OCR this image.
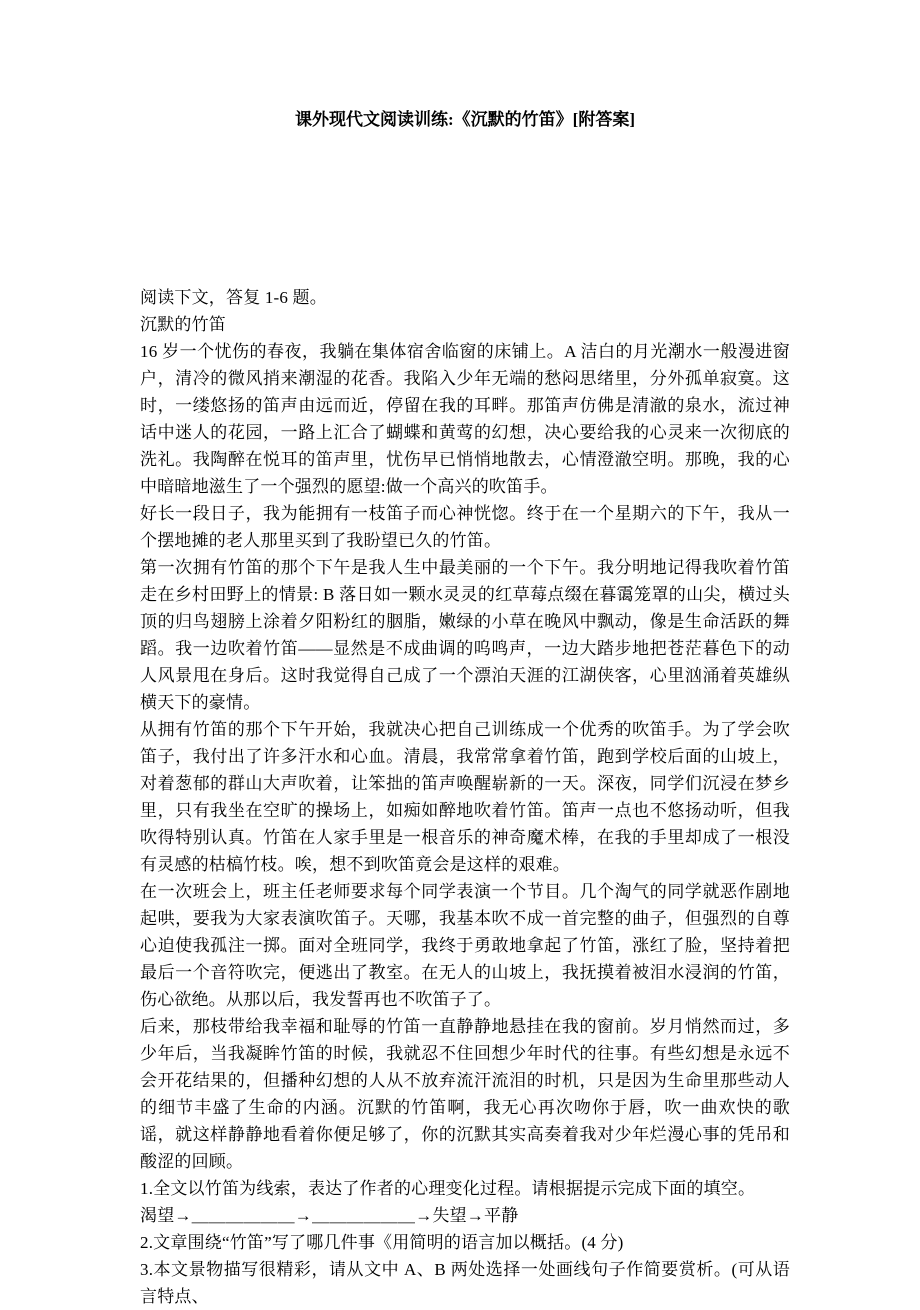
课外现代文阅读训练:《沉默的竹笛》[附答案]

阅读下文，答复 1-6 题。

沉默的竹笛

16 岁一个忧伤的春夜，我躺在集体宿舍临窗的床铺上。A 洁白的月光潮水一般漫进窗户，清冷的微风捎来潮湿的花香。我陷入少年无端的愁闷思绪里，分外孤单寂寞。这时，一缕悠扬的笛声由远而近，停留在我的耳畔。那笛声仿佛是清澈的泉水，流过神话中迷人的花园，一路上汇合了蝴蝶和黄莺的幻想，决心要给我的心灵来一次彻底的洗礼。我陶醉在悦耳的笛声里，忧伤早已悄悄地散去，心情澄澈空明。那晚，我的心中暗暗地滋生了一个强烈的愿望:做一个高兴的吹笛手。

好长一段日子，我为能拥有一枝笛子而心神恍惚。终于在一个星期六的下午，我从一个摆地摊的老人那里买到了我盼望已久的竹笛。

第一次拥有竹笛的那个下午是我人生中最美丽的一个下午。我分明地记得我吹着竹笛走在乡村田野上的情景: B 落日如一颗水灵灵的红草莓点缀在暮霭笼罩的山尖，横过头顶的归鸟翅膀上涂着夕阳粉红的胭脂，嫩绿的小草在晚风中飘动，像是生命活跃的舞蹈。我一边吹着竹笛——显然是不成曲调的呜鸣声，一边大踏步地把苍茫暮色下的动人风景甩在身后。这时我觉得自己成了一个漂泊天涯的江湖侠客，心里汹涌着英雄纵横天下的豪情。

从拥有竹笛的那个下午开始，我就决心把自己训练成一个优秀的吹笛手。为了学会吹笛子，我付出了许多汗水和心血。清晨，我常常拿着竹笛，跑到学校后面的山坡上，对着葱郁的群山大声吹着，让笨拙的笛声唤醒崭新的一天。深夜，同学们沉浸在梦乡里，只有我坐在空旷的操场上，如痴如醉地吹着竹笛。笛声一点也不悠扬动听，但我吹得特别认真。竹笛在人家手里是一根音乐的神奇魔术棒，在我的手里却成了一根没有灵感的枯槁竹枝。唉，想不到吹笛竟会是这样的艰难。

在一次班会上，班主任老师要求每个同学表演一个节目。几个淘气的同学就恶作剧地起哄，要我为大家表演吹笛子。天哪，我基本吹不成一首完整的曲子，但强烈的自尊心迫使我孤注一掷。面对全班同学，我终于勇敢地拿起了竹笛，涨红了脸，坚持着把最后一个音符吹完，便逃出了教室。在无人的山坡上，我抚摸着被泪水浸润的竹笛，伤心欲绝。从那以后，我发誓再也不吹笛子了。

后来，那枝带给我幸福和耻辱的竹笛一直静静地悬挂在我的窗前。岁月悄然而过，多少年后，当我凝眸竹笛的时候，我就忍不住回想少年时代的往事。有些幻想是永远不会开花结果的，但播种幻想的人从不放弃流汗流泪的时机，只是因为生命里那些动人的细节丰盛了生命的内涵。沉默的竹笛啊，我无心再次吻你于唇，吹一曲欢快的歌谣，就这样静静地看着你便足够了，你的沉默其实高奏着我对少年烂漫心事的凭吊和酸涩的回顾。

1.全文以竹笛为线索，表达了作者的心理变化过程。请根据提示完成下面的填空。

渴望→＿＿＿＿＿＿→＿＿＿＿＿＿→失望→平静

2.文章围绕“竹笛”写了哪几件事《用简明的语言加以概括。(4 分)

3.本文景物描写很精彩，请从文中 A、B 两处选择一处画线句子作简要赏析。(可从语言特点、
